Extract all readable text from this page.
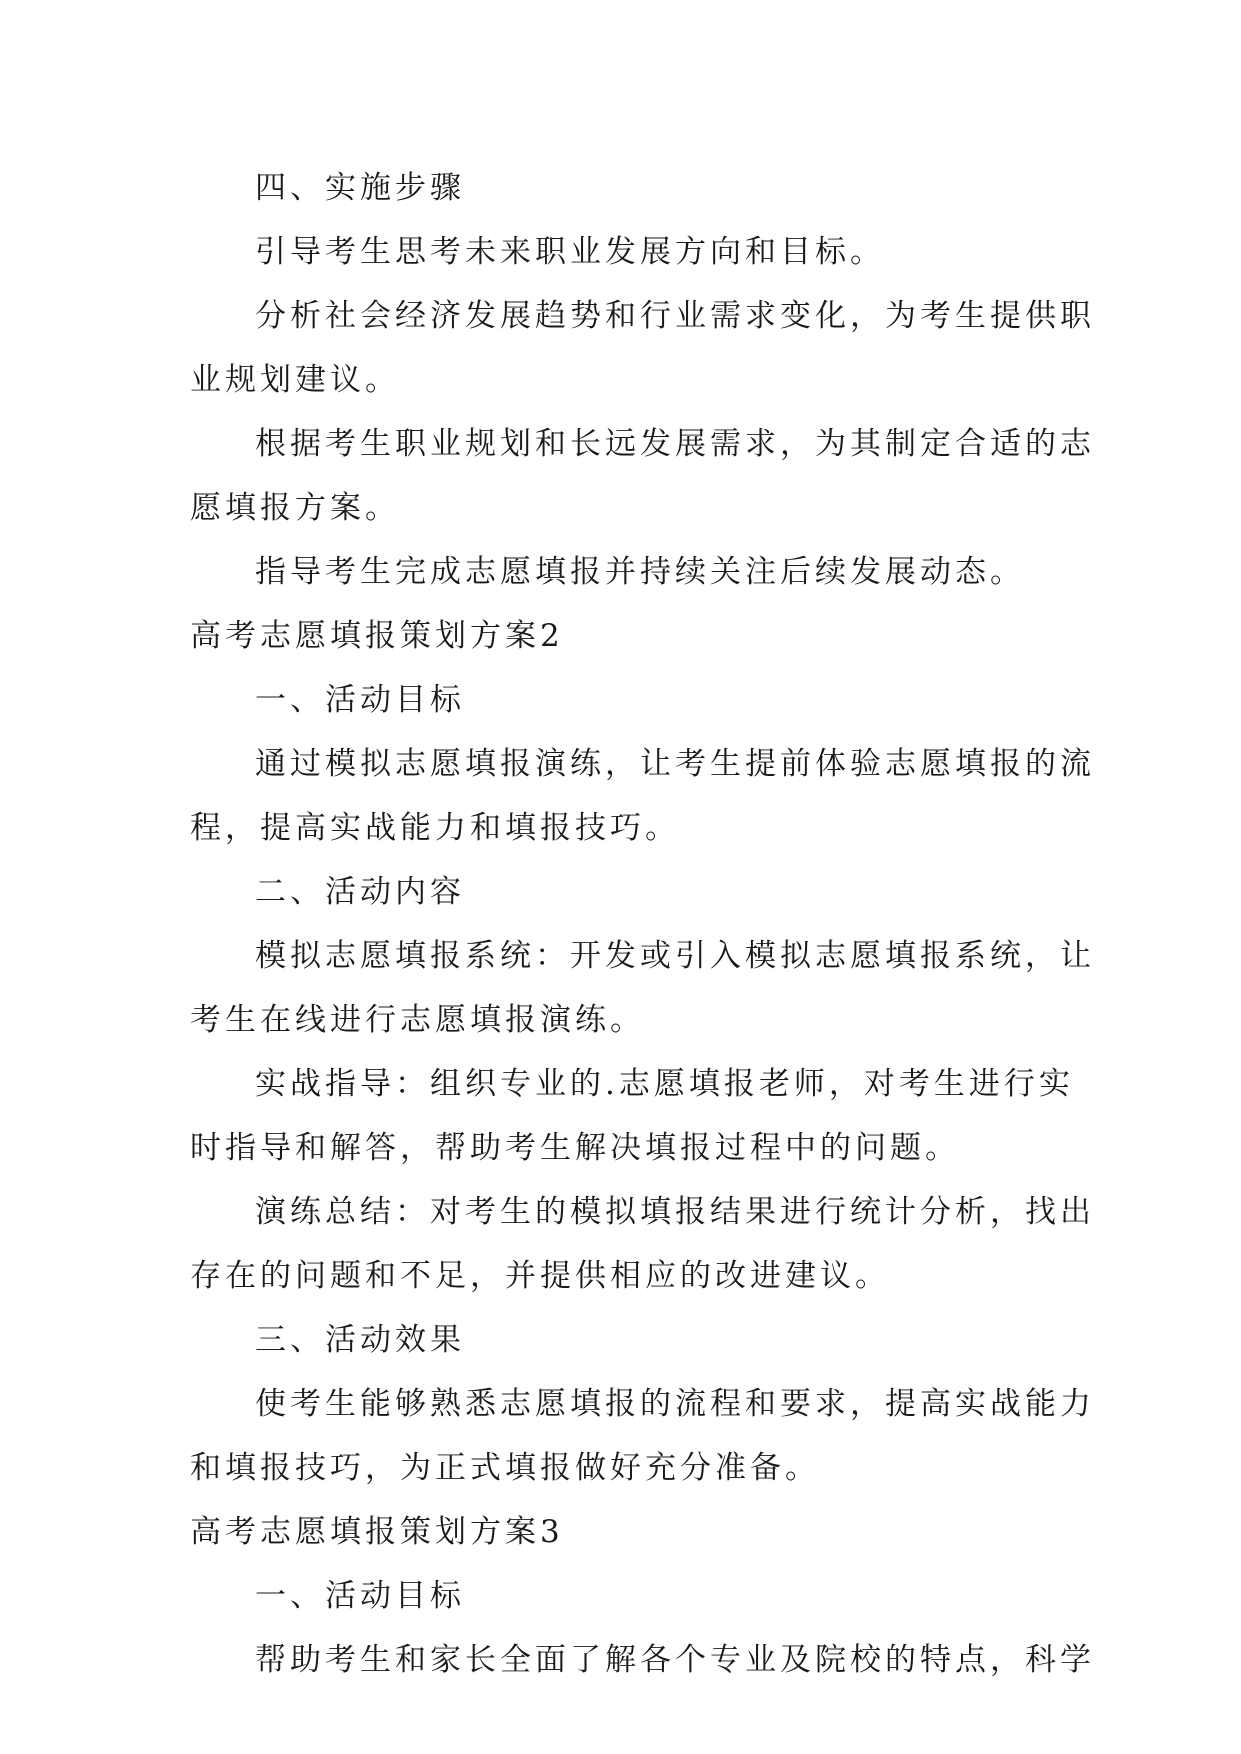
四、实施步骤
引导考生思考未来职业发展方向和目标。
分析社会经济发展趋势和行业需求变化，为考生提供职
业规划建议。
根据考生职业规划和长远发展需求，为其制定合适的志
愿填报方案。
指导考生完成志愿填报并持续关注后续发展动态。
高考志愿填报策划方案2
一、活动目标
通过模拟志愿填报演练，让考生提前体验志愿填报的流
程，提高实战能力和填报技巧。
二、活动内容
模拟志愿填报系统：开发或引入模拟志愿填报系统，让
考生在线进行志愿填报演练。
实战指导：组织专业的.志愿填报老师，对考生进行实
时指导和解答，帮助考生解决填报过程中的问题。
演练总结：对考生的模拟填报结果进行统计分析，找出
存在的问题和不足，并提供相应的改进建议。
三、活动效果
使考生能够熟悉志愿填报的流程和要求，提高实战能力
和填报技巧，为正式填报做好充分准备。
高考志愿填报策划方案3
一、活动目标
帮助考生和家长全面了解各个专业及院校的特点，科学
